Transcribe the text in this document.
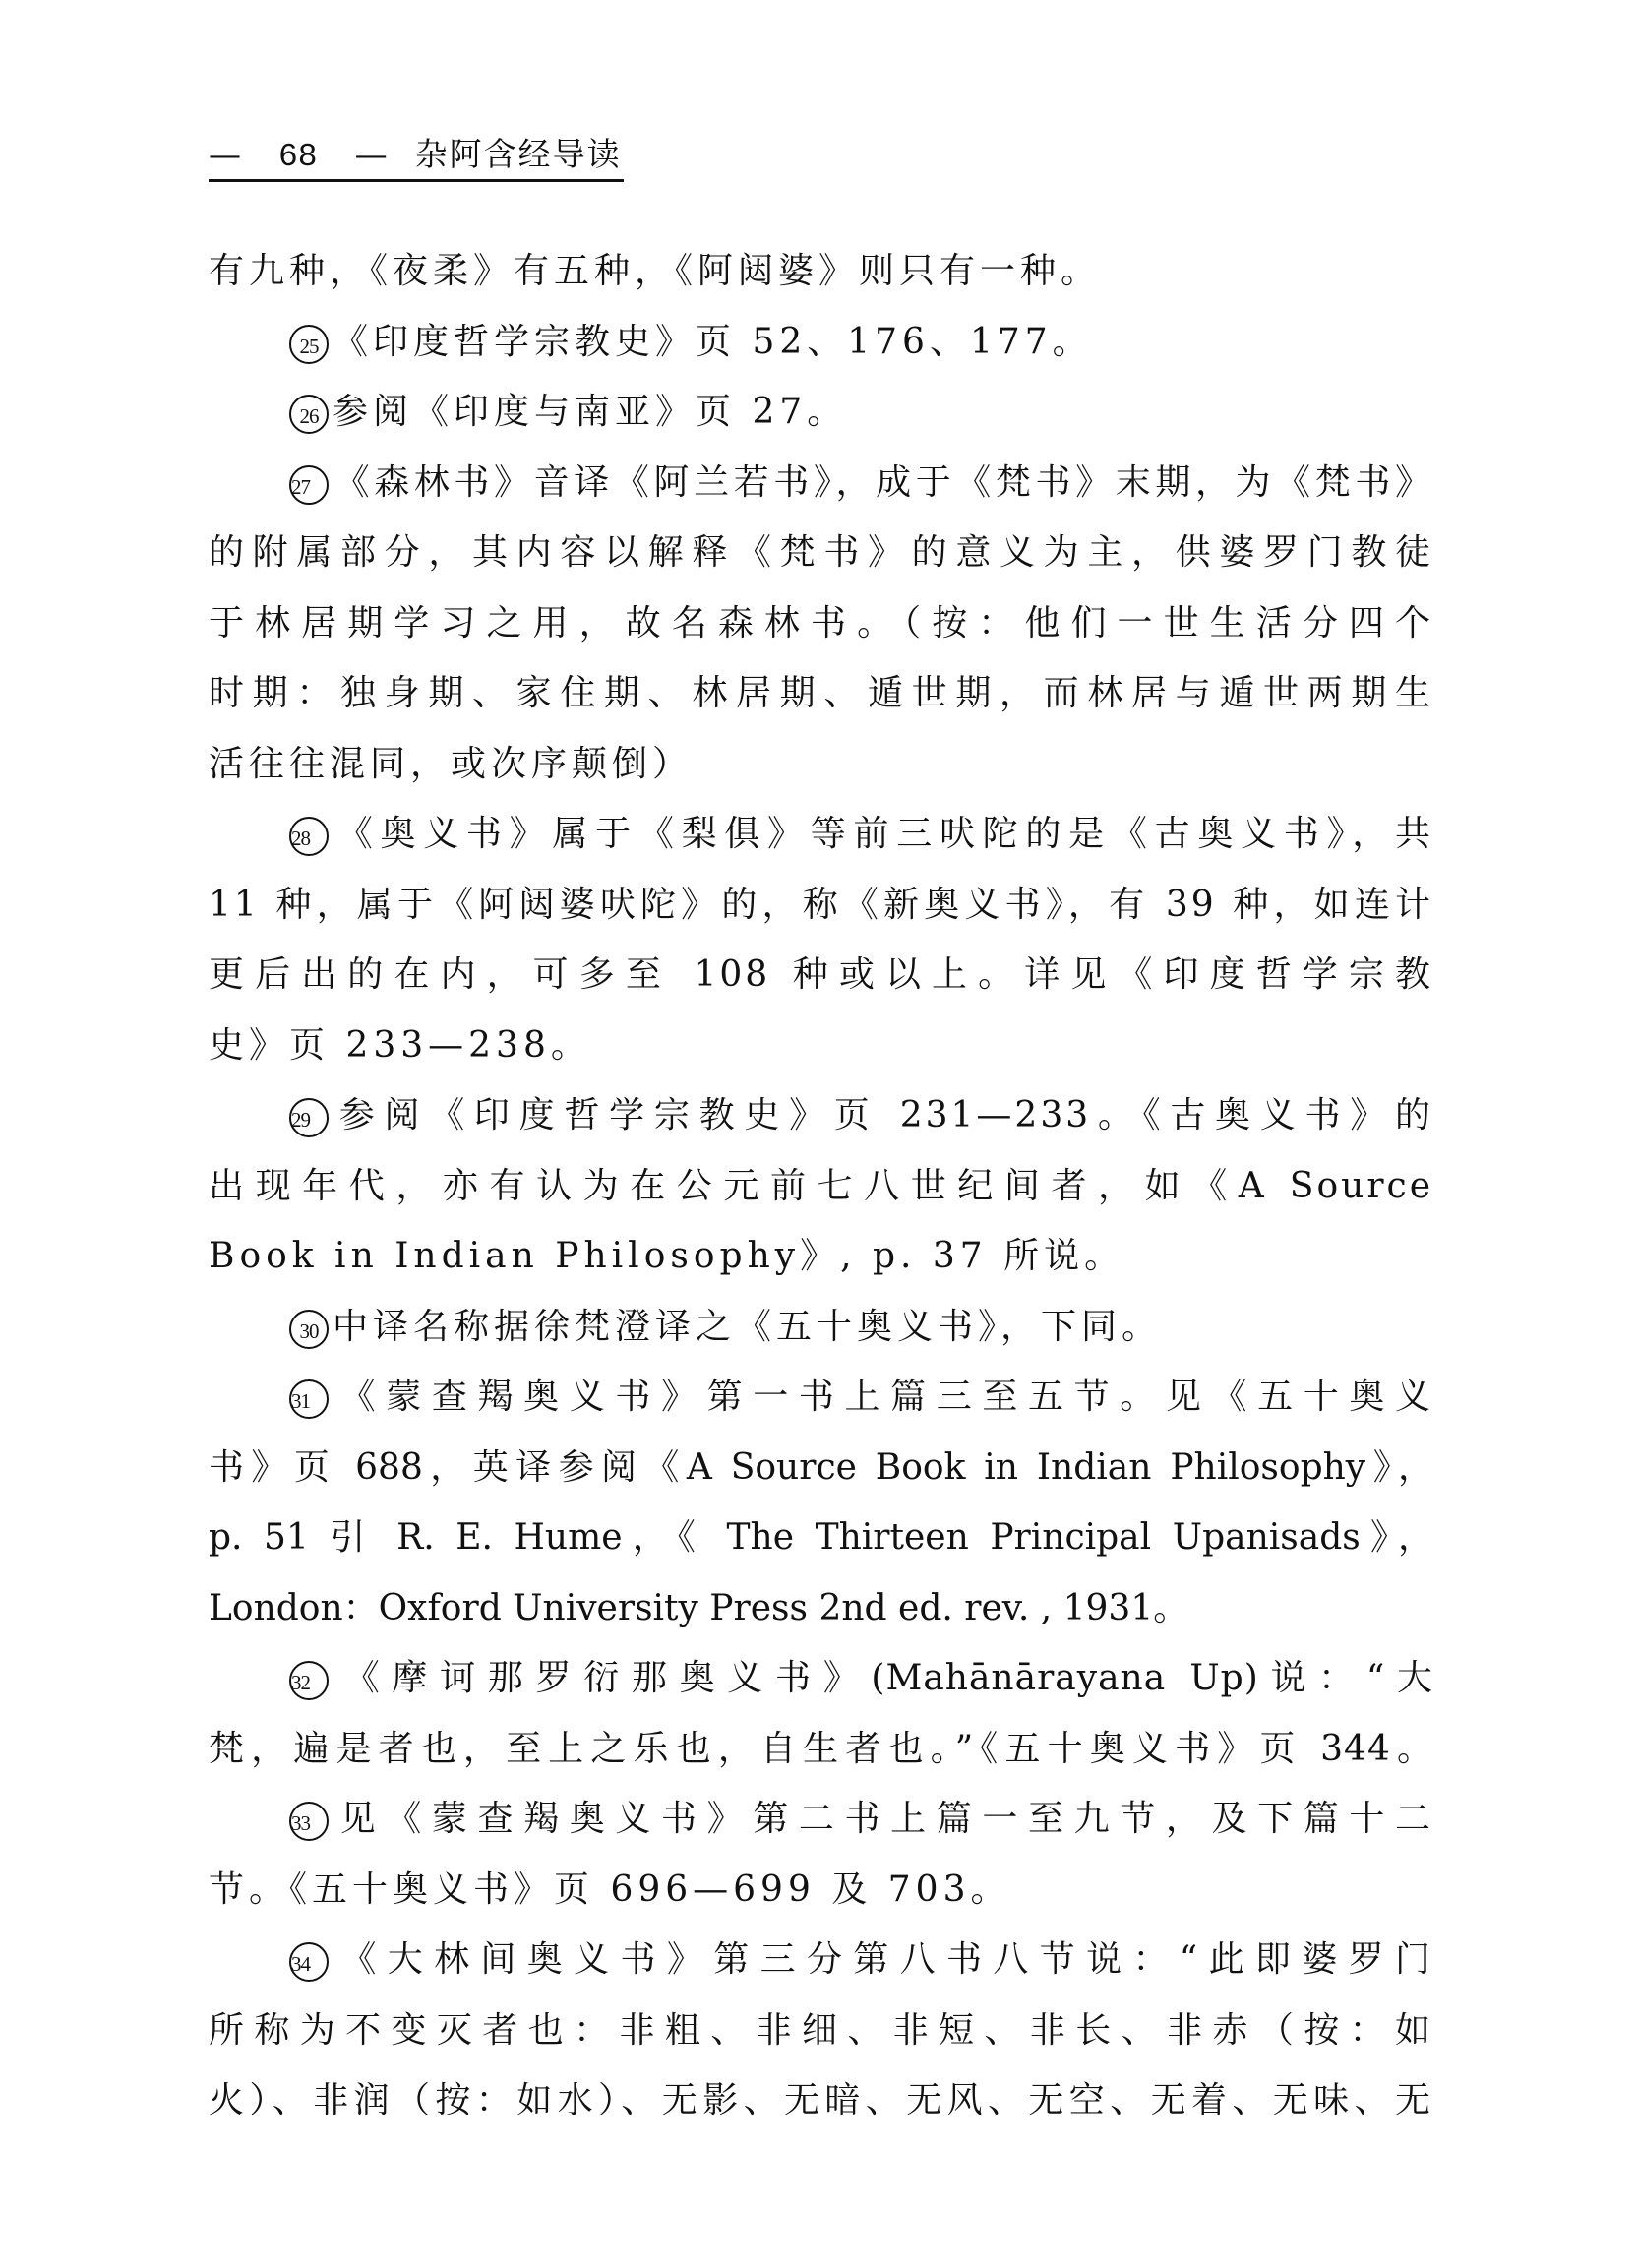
— 68 — 杂阿含经导读
有九种，《夜柔》有五种，《阿闼婆》则只有一种。
25 《印度哲学宗教史》页 52、176、177。
26 参阅《印度与南亚》页 27。
27 《森林书》音译《阿兰若书》，成于《梵书》末期，为《梵书》
的附属部分，其内容以解释《梵书》的意义为主，供婆罗门教徒
于林居期学习之用，故名森林书。（按：他们一世生活分四个
时期：独身期、家住期、林居期、遁世期，而林居与遁世两期生
活往往混同，或次序颠倒）
28 《奥义书》属于《梨俱》等前三吠陀的是《古奥义书》，共
11 种，属于《阿闼婆吠陀》的，称《新奥义书》，有 39 种，如连计
更后出的在内，可多至 108 种或以上。详见《印度哲学宗教
史》页 233—238。
29 参阅《印度哲学宗教史》页 231—233。《古奥义书》的
出现年代，亦有认为在公元前七八世纪间者，如《A Source
Book in Indian Philosophy》, p. 37 所说。
30 中译名称据徐梵澄译之《五十奥义书》，下同。
31 《蒙查羯奥义书》第一书上篇三至五节。见《五十奥义
书》页 688，英译参阅《A Source Book in Indian Philosophy》，
p. 51 引 R. E. Hume，《 The Thirteen Principal Upanisads》，
London：Oxford University Press 2nd ed. rev. , 1931。
32 《摩诃那罗衍那奥义书》(Mahānārayana Up)说：“大
梵，遍是者也，至上之乐也，自生者也。”《五十奥义书》页 344。
33 见《蒙查羯奥义书》第二书上篇一至九节，及下篇十二
节。《五十奥义书》页 696—699 及 703。
34 《大林间奥义书》第三分第八书八节说：“此即婆罗门
所称为不变灭者也：非粗、非细、非短、非长、非赤（按：如
火）、非润（按：如水）、无影、无暗、无风、无空、无着、无味、无
